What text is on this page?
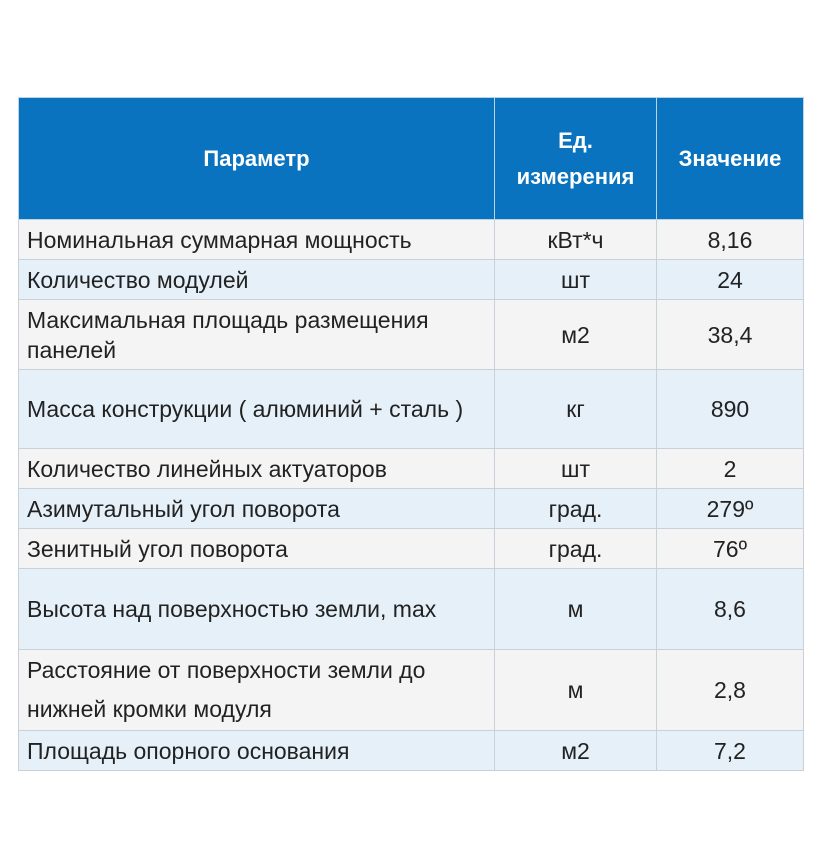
Параметр	Ед. измерения	Значение
Номинальная суммарная мощность	кВт*ч	8,16
Количество модулей	шт	24
Максимальная площадь размещения панелей	м2	38,4
Масса конструкции ( алюминий + сталь )	кг	890
Количество линейных актуаторов	шт	2
Азимутальный угол поворота	град.	279º
Зенитный угол поворота	град.	76º
Высота над поверхностью земли, max	м	8,6
Расстояние от поверхности земли до нижней кромки модуля	м	2,8
Площадь опорного основания	м2	7,2
